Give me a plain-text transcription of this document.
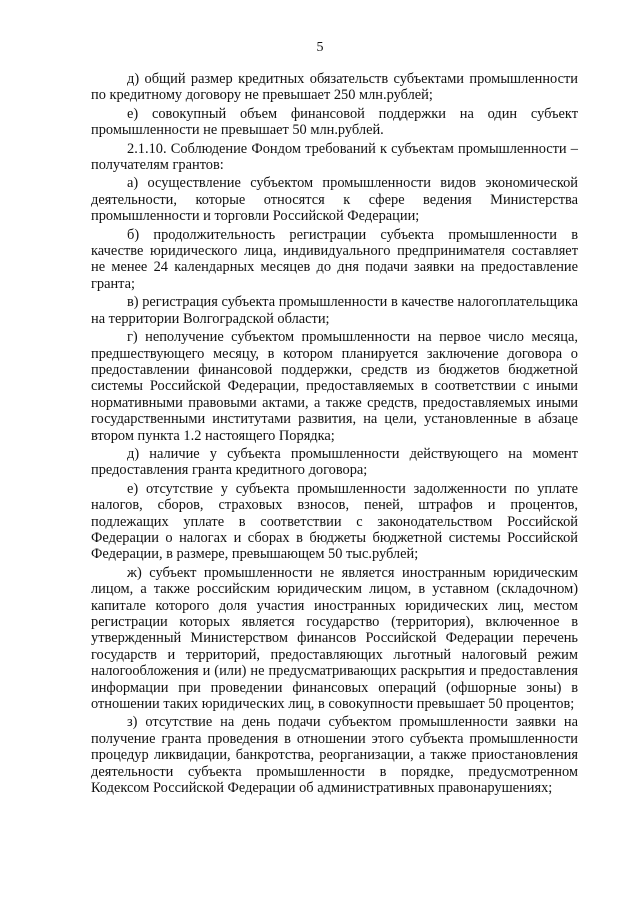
5

д) общий размер кредитных обязательств субъектами промышленности по кредитному договору не превышает 250 млн.рублей;

е) совокупный объем финансовой поддержки на один субъект промышленности не превышает 50 млн.рублей.

2.1.10. Соблюдение Фондом требований к субъектам промышленности – получателям грантов:

а) осуществление субъектом промышленности видов экономической деятельности, которые относятся к сфере ведения Министерства промышленности и торговли Российской Федерации;

б) продолжительность регистрации субъекта промышленности в качестве юридического лица, индивидуального предпринимателя составляет не менее 24 календарных месяцев до дня подачи заявки на предоставление гранта;

в) регистрация субъекта промышленности в качестве налогоплательщика на территории Волгоградской области;

г) неполучение субъектом промышленности на первое число месяца, предшествующего месяцу, в котором планируется заключение договора о предоставлении финансовой поддержки, средств из бюджетов бюджетной системы Российской Федерации, предоставляемых в соответствии с иными нормативными правовыми актами, а также средств, предоставляемых иными государственными институтами развития, на цели, установленные в абзаце втором пункта 1.2 настоящего Порядка;

д) наличие у субъекта промышленности действующего на момент предоставления гранта кредитного договора;

е) отсутствие у субъекта промышленности задолженности по уплате налогов, сборов, страховых взносов, пеней, штрафов и процентов, подлежащих уплате в соответствии с законодательством Российской Федерации о налогах и сборах в бюджеты бюджетной системы Российской Федерации, в размере, превышающем 50 тыс.рублей;

ж) субъект промышленности не является иностранным юридическим лицом, а также российским юридическим лицом, в уставном (складочном) капитале которого доля участия иностранных юридических лиц, местом регистрации которых является государство (территория), включенное в утвержденный Министерством финансов Российской Федерации перечень государств и территорий, предоставляющих льготный налоговый режим налогообложения и (или) не предусматривающих раскрытия и предоставления информации при проведении финансовых операций (офшорные зоны) в отношении таких юридических лиц, в совокупности превышает 50 процентов;

з) отсутствие на день подачи субъектом промышленности заявки на получение гранта проведения в отношении этого субъекта промышленности процедур ликвидации, банкротства, реорганизации, а также приостановления деятельности субъекта промышленности в порядке, предусмотренном Кодексом Российской Федерации об административных правонарушениях;
